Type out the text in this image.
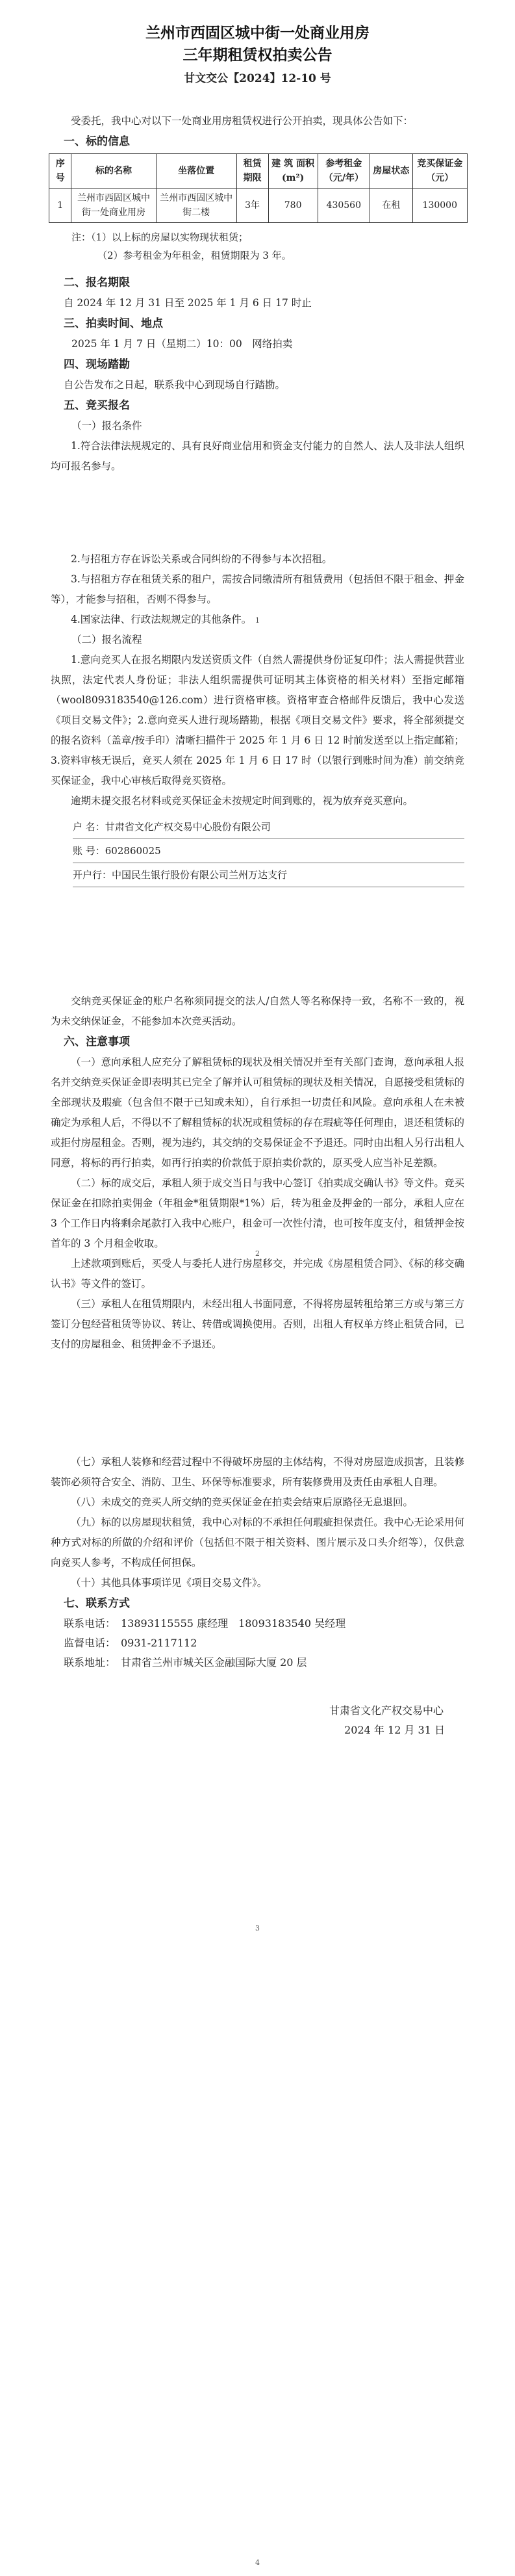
兰州市西固区城中街一处商业用房
三年期租赁权拍卖公告
甘文交公【2024】12-10 号
受委托，我中心对以下一处商业用房租赁权进行公开拍卖，现具体公告如下：
一、标的信息
序号	标的名称	坐落位置	租赁期限	建 筑 面积(m²)	参考租金（元/年）	房屋状态	竞买保证金（元）
1	兰州市西固区城中街一处商业用房	兰州市西固区城中街二楼	3年	780	430560	在租	130000
注：（1）以上标的房屋以实物现状租赁；
（2）参考租金为年租金，租赁期限为 3 年。
二、报名期限
自 2024 年 12 月 31 日至 2025 年 1 月 6 日 17 时止
三、拍卖时间、地点
2025 年 1 月 7 日（星期二）10：00　网络拍卖
四、现场踏勘
自公告发布之日起，联系我中心到现场自行踏勘。
五、竞买报名
（一）报名条件
1.符合法律法规规定的、具有良好商业信用和资金支付能力的自然人、法人及非法人组织均可报名参与。
1
2.与招租方存在诉讼关系或合同纠纷的不得参与本次招租。
3.与招租方存在租赁关系的租户，需按合同缴清所有租赁费用（包括但不限于租金、押金等），才能参与招租，否则不得参与。
4.国家法律、行政法规规定的其他条件。
（二）报名流程
1.意向竞买人在报名期限内发送资质文件（自然人需提供身份证复印件；法人需提供营业执照，法定代表人身份证；非法人组织需提供可证明其主体资格的相关材料）至指定邮箱（wool8093183540@126.com）进行资格审核。资格审查合格邮件反馈后，我中心发送《项目交易文件》；2.意向竞买人进行现场踏勘，根据《项目交易文件》要求，将全部须提交的报名资料（盖章/按手印）清晰扫描件于 2025 年 1 月 6 日 12 时前发送至以上指定邮箱；3.资料审核无误后，竞买人须在 2025 年 1 月 6 日 17 时（以银行到账时间为准）前交纳竞买保证金，我中心审核后取得竞买资格。
逾期未提交报名材料或竞买保证金未按规定时间到账的，视为放弃竞买意向。
户 名：甘肃省文化产权交易中心股份有限公司
账 号：602860025
开户行：中国民生银行股份有限公司兰州万达支行
2
交纳竞买保证金的账户名称须同提交的法人/自然人等名称保持一致，名称不一致的，视为未交纳保证金，不能参加本次竞买活动。
六、注意事项
（一）意向承租人应充分了解租赁标的现状及相关情况并至有关部门查询，意向承租人报名并交纳竞买保证金即表明其已完全了解并认可租赁标的现状及相关情况，自愿接受租赁标的全部现状及瑕疵（包含但不限于已知或未知），自行承担一切责任和风险。意向承租人在未被确定为承租人后，不得以不了解租赁标的状况或租赁标的存在瑕疵等任何理由，退还租赁标的或拒付房屋租金。否则，视为违约，其交纳的交易保证金不予退还。同时由出租人另行出租人同意，将标的再行拍卖，如再行拍卖的价款低于原拍卖价款的，原买受人应当补足差额。
（二）标的成交后，承租人须于成交当日与我中心签订《拍卖成交确认书》等文件。竞买保证金在扣除拍卖佣金（年租金*租赁期限*1%）后，转为租金及押金的一部分，承租人应在 3 个工作日内将剩余尾款打入我中心账户，租金可一次性付清，也可按年度支付，租赁押金按首年的 3 个月租金收取。
上述款项到账后，买受人与委托人进行房屋移交，并完成《房屋租赁合同》、《标的移交确认书》等文件的签订。
（三）承租人在租赁期限内，未经出租人书面同意，不得将房屋转租给第三方或与第三方签订分包经营租赁等协议、转让、转借或调换使用。否则，出租人有权单方终止租赁合同，已支付的房屋租金、租赁押金不予退还。
3
（七）承租人装修和经营过程中不得破坏房屋的主体结构，不得对房屋造成损害，且装修装饰必须符合安全、消防、卫生、环保等标准要求，所有装修费用及责任由承租人自理。
（八）未成交的竞买人所交纳的竞买保证金在拍卖会结束后原路径无息退回。
（九）标的以房屋现状租赁，我中心对标的不承担任何瑕疵担保责任。我中心无论采用何种方式对标的所做的介绍和评价（包括但不限于相关资料、图片展示及口头介绍等），仅供意向竞买人参考，不构成任何担保。
（十）其他具体事项详见《项目交易文件》。
七、联系方式
联系电话：　13893115555 康经理　18093183540 吴经理
监督电话：　0931-2117112
联系地址：　甘肃省兰州市城关区金融国际大厦 20 层
甘肃省文化产权交易中心
2024 年 12 月 31 日
4
